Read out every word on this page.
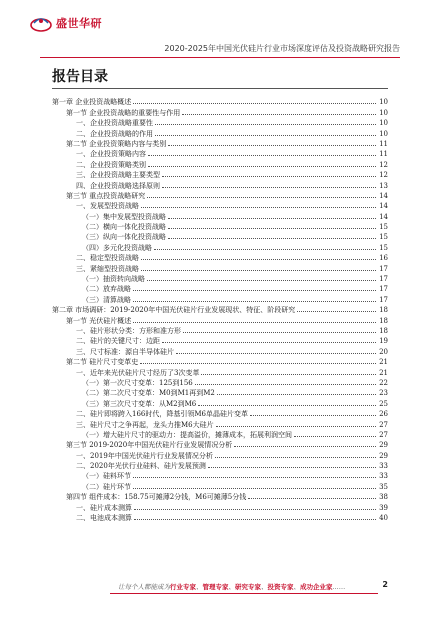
盛世华研
2020-2025年中国光伏硅片行业市场深度评估及投资战略研究报告
报告目录
第一章 企业投资战略概述	10
第一节 企业投资战略的重要性与作用	10
一、企业投资战略重要性	10
二、企业投资战略的作用	10
第二节 企业投资策略内容与类别	11
一、企业投资策略内容	11
二、企业投资策略类别	12
三、企业投资战略主要类型	12
四、企业投资战略选择原则	13
第三节 重点投资战略研究	14
一、发展型投资战略	14
（一）集中发展型投资战略	14
（二）横向一体化投资战略	15
（三）纵向一体化投资战略	15
（四）多元化投资战略	15
二、稳定型投资战略	16
三、紧缩型投资战略	17
（一）抽资转向战略	17
（二）放弃战略	17
（三）清算战略	17
第二章 市场调研：2019-2020年中国光伏硅片行业发展现状、特征、阶段研究	18
第一节 光伏硅片概述	18
一、硅片形状分类：方形和准方形	18
二、硅片的关键尺寸：边距	19
三、尺寸标准：源自半导体硅片	20
第二节 硅片尺寸变革史	21
一、近年来光伏硅片尺寸经历了3次变革	21
（一）第一次尺寸变革：125到156	22
（二）第二次尺寸变革：M0到M1再到M2	23
（三）第三次尺寸变革：从M2到M6	25
二、硅片即将跨入166时代，降基引领M6单晶硅片变革	26
三、硅片尺寸之争再起，龙头力推M6大硅片	27
（一）增大硅片尺寸的驱动力：提高溢价，摊薄成本，拓展利润空间	27
第三节 2019-2020年中国光伏硅片行业发展情况分析	29
一、2019年中国光伏硅片行业发展情况分析	29
二、2020年光伏行业硅料、硅片发展预测	33
（一）硅料环节	33
（二）硅片环节	35
第四节 组件成本：158.75可摊薄2分钱，M6可摊薄5分钱	38
一、硅片成本测算	39
二、电池成本测算	40
让每个人都能成为行业专家、管理专家、研究专家、投资专家、成功企业家……	2
